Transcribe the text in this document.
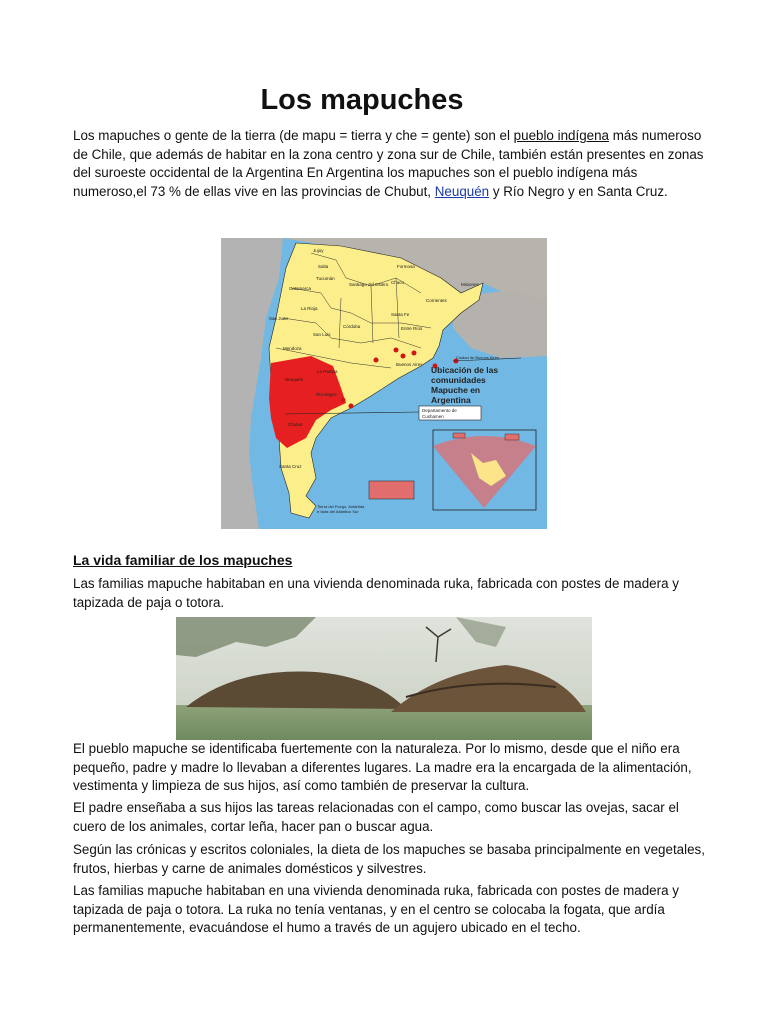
Los mapuches

Los mapuches o gente de la tierra (de mapu = tierra y che = gente) son el pueblo indígena más numeroso de Chile, que además de habitar en la zona centro y zona sur de Chile, también están presentes en zonas del suroeste occidental de la Argentina En Argentina los mapuches son el pueblo indígena más numeroso,el 73 % de ellas vive en las provincias de Chubut, Neuquén y Río Negro y en Santa Cruz.

Jujuy
Salta	Formosa
Tucumán
Chaco	Misiones
Catamarca
Santiago del Estero
Corrientes
La Rioja
San Juan
Córdoba
Santa Fe
Entre Ríos
San Luis
Mendoza
Buenos Aires
La Pampa
Neuquén
Río Negro
Chubut
Santa Cruz
Ciudad de Buenos Aires
Ubicación de las
comunidades
Mapuche en
Argentina
Departamento de
Cushamen
Tierra del Fuego, Antártida
e Islas del Atlántico Sur

La vida familiar de los mapuches

Las familias mapuche habitaban en una vivienda denominada ruka, fabricada con postes de madera y tapizada de paja o totora.

El pueblo mapuche se identificaba fuertemente con la naturaleza. Por lo mismo, desde que el niño era pequeño, padre y madre lo llevaban a diferentes lugares. La madre era la encargada de la alimentación, vestimenta y limpieza de sus hijos, así como también de preservar la cultura.

El padre enseñaba a sus hijos las tareas relacionadas con el campo, como buscar las ovejas, sacar el cuero de los animales, cortar leña, hacer pan o buscar agua.

Según las crónicas y escritos coloniales, la dieta de los mapuches se basaba principalmente en vegetales, frutos, hierbas y carne de animales domésticos y silvestres.

Las familias mapuche habitaban en una vivienda denominada ruka, fabricada con postes de madera y tapizada de paja o totora. La ruka no tenía ventanas, y en el centro se colocaba la fogata, que ardía permanentemente, evacuándose el humo a través de un agujero ubicado en el techo.
